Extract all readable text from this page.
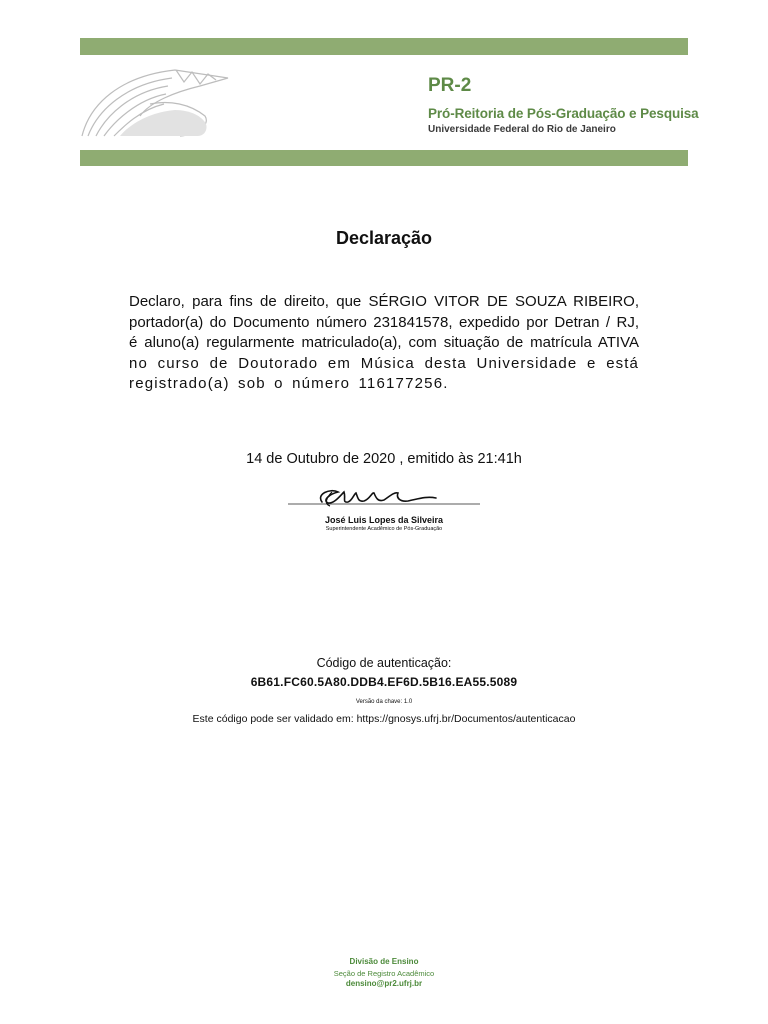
PR-2
Pró-Reitoria de Pós-Graduação e Pesquisa
Universidade Federal do Rio de Janeiro
Declaração
Declaro, para fins de direito, que SÉRGIO VITOR DE SOUZA RIBEIRO,
portador(a) do Documento número 231841578, expedido por Detran / RJ,
é aluno(a) regularmente matriculado(a), com situação de matrícula ATIVA
no curso de Doutorado em Música desta Universidade e está
registrado(a) sob o número 116177256.
14 de Outubro de 2020 , emitido às 21:41h
José Luis Lopes da Silveira
Superintendente Acadêmico de Pós-Graduação
Código de autenticação:
6B61.FC60.5A80.DDB4.EF6D.5B16.EA55.5089
Versão da chave: 1.0
Este código pode ser validado em: https://gnosys.ufrj.br/Documentos/autenticacao
Divisão de Ensino
Seção de Registro Acadêmico
densino@pr2.ufrj.br
